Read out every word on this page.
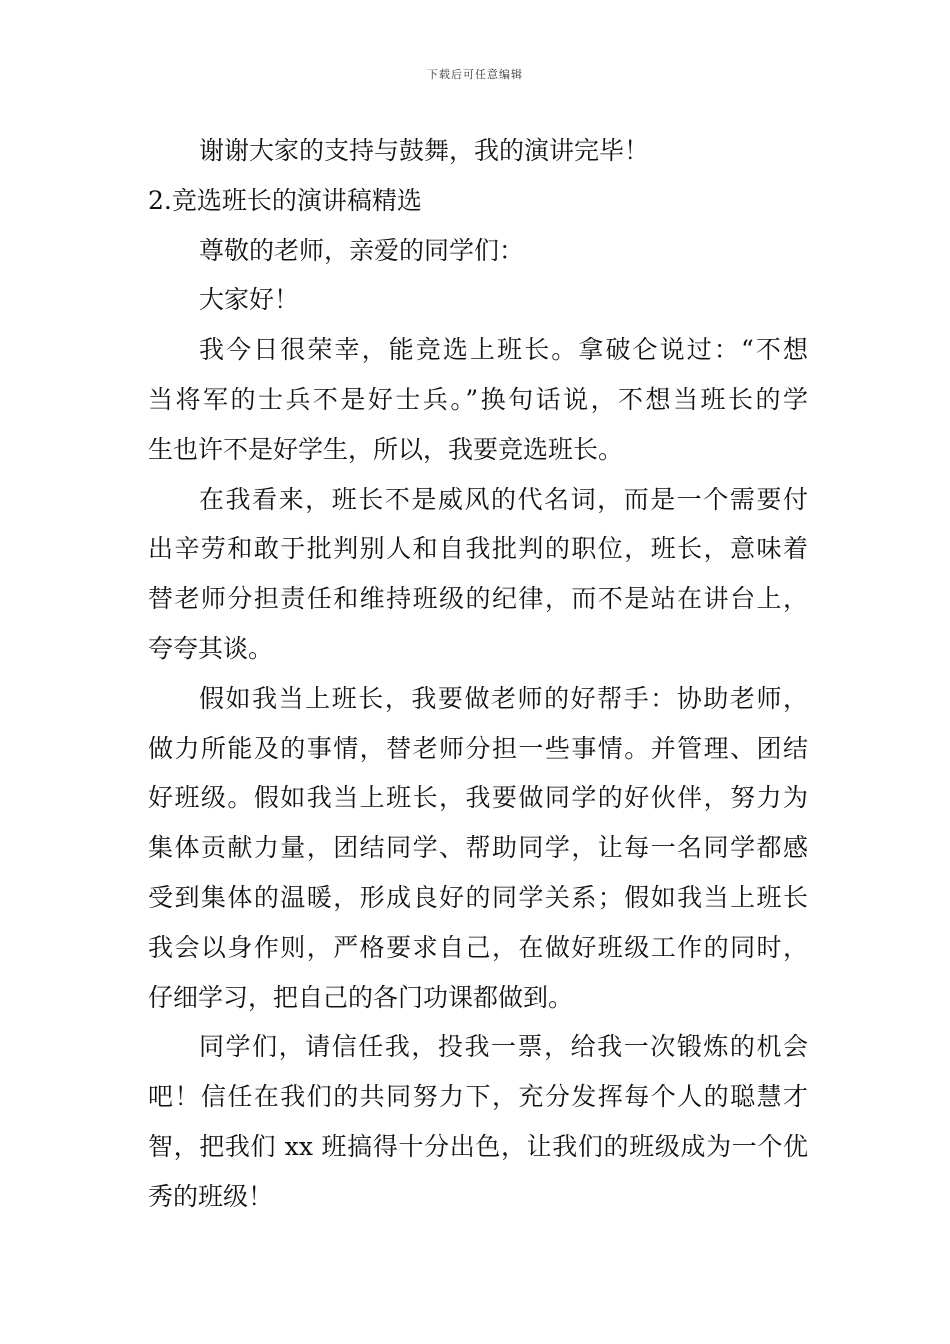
下载后可任意编辑
谢谢大家的支持与鼓舞，我的演讲完毕！
2.竞选班长的演讲稿精选
尊敬的老师，亲爱的同学们：
大家好！
我今日很荣幸，能竞选上班长。拿破仑说过：“不想
当将军的士兵不是好士兵。”换句话说，不想当班长的学
生也许不是好学生，所以，我要竞选班长。
在我看来，班长不是威风的代名词，而是一个需要付
出辛劳和敢于批判别人和自我批判的职位，班长，意味着
替老师分担责任和维持班级的纪律，而不是站在讲台上，
夸夸其谈。
假如我当上班长，我要做老师的好帮手：协助老师，
做力所能及的事情，替老师分担一些事情。并管理、团结
好班级。假如我当上班长，我要做同学的好伙伴，努力为
集体贡献力量，团结同学、帮助同学，让每一名同学都感
受到集体的温暖，形成良好的同学关系；假如我当上班长
我会以身作则，严格要求自己，在做好班级工作的同时，
仔细学习，把自己的各门功课都做到。
同学们，请信任我，投我一票，给我一次锻炼的机会
吧！信任在我们的共同努力下，充分发挥每个人的聪慧才
智，把我们 xx 班搞得十分出色，让我们的班级成为一个优
秀的班级！
